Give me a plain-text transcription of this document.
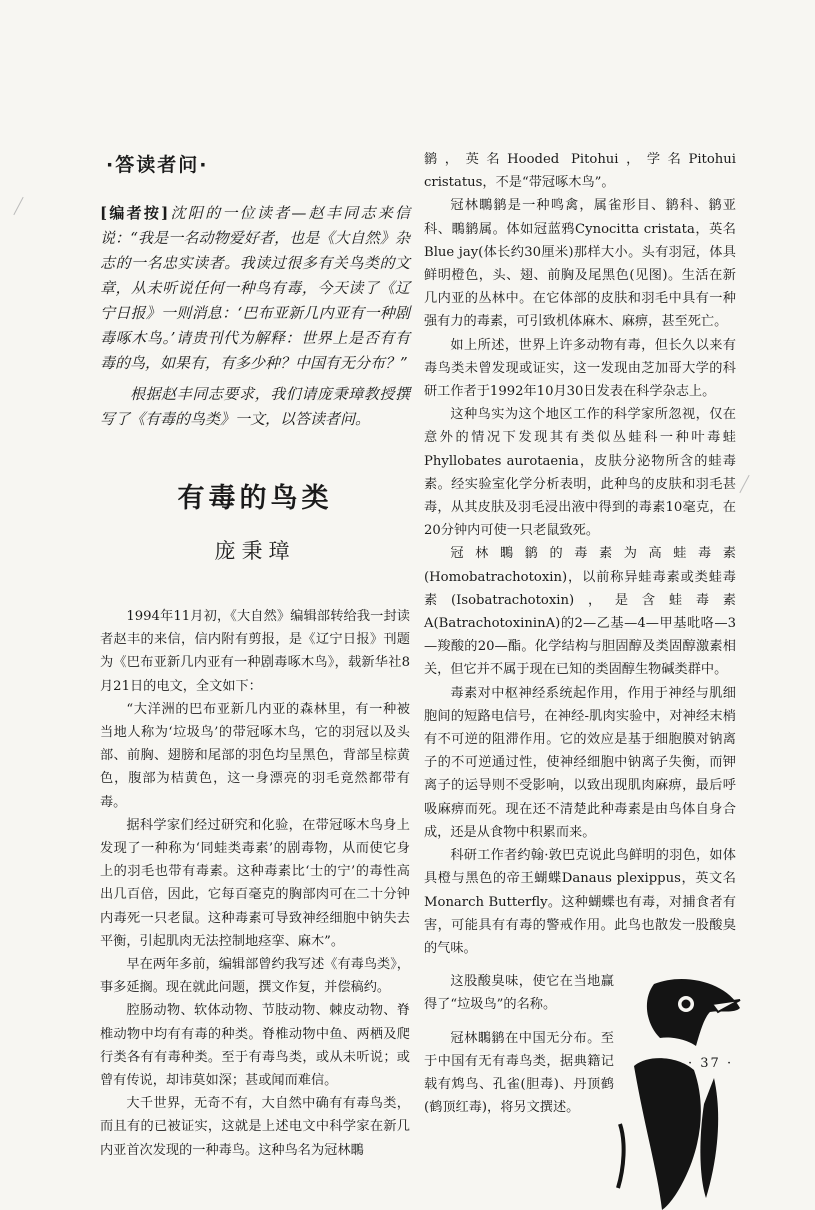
·答读者问·

[编者按]沈阳的一位读者—赵丰同志来信说：“我是一名动物爱好者，也是《大自然》杂志的一名忠实读者。我读过很多有关鸟类的文章，从未听说任何一种鸟有毒，今天读了《辽宁日报》一则消息：‘巴布亚新几内亚有一种剧毒啄木鸟。’请贵刊代为解释：世界上是否有有毒的鸟，如果有，有多少种？中国有无分布？”

根据赵丰同志要求，我们请庞秉璋教授撰写了《有毒的鸟类》一文，以答读者问。

有毒的鸟类
庞秉璋

1994年11月初，《大自然》编辑部转给我一封读者赵丰的来信，信内附有剪报，是《辽宁日报》刊题为《巴布亚新几内亚有一种剧毒啄木鸟》，载新华社8月21日的电文，全文如下：

“大洋洲的巴布亚新几内亚的森林里，有一种被当地人称为‘垃圾鸟’的带冠啄木鸟，它的羽冠以及头部、前胸、翅膀和尾部的羽色均呈黑色，背部呈棕黄色，腹部为桔黄色，这一身漂亮的羽毛竟然都带有毒。

据科学家们经过研究和化验，在带冠啄木鸟身上发现了一种称为‘同蛙类毒素’的剧毒物，从而使它身上的羽毛也带有毒素。这种毒素比‘士的宁’的毒性高出几百倍，因此，它每百毫克的胸部肉可在二十分钟内毒死一只老鼠。这种毒素可导致神经细胞中钠失去平衡，引起肌肉无法控制地痉挛、麻木”。

早在两年多前，编辑部曾约我写述《有毒鸟类》，事多延搁。现在就此问题，撰文作复，并偿稿约。

腔肠动物、软体动物、节肢动物、棘皮动物、脊椎动物中均有有毒的种类。脊椎动物中鱼、两栖及爬行类各有有毒种类。至于有毒鸟类，或从未听说；或曾有传说，却讳莫如深；甚或闻而难信。

大千世界，无奇不有，大自然中确有有毒鸟类，而且有的已被证实，这就是上述电文中科学家在新几内亚首次发现的一种毒鸟。这种鸟名为冠林䳭

鹟，英名Hooded Pitohui，学名Pitohui cristatus，不是“带冠啄木鸟”。

冠林䳭鹟是一种鸣禽，属雀形目、鹟科、鹟亚科、䳭鹟属。体如冠蓝鸦Cynocitta cristata，英名Blue jay(体长约30厘米)那样大小。头有羽冠，体具鲜明橙色，头、翅、前胸及尾黑色(见图)。生活在新几内亚的丛林中。在它体部的皮肤和羽毛中具有一种强有力的毒素，可引致机体麻木、麻痹，甚至死亡。

如上所述，世界上许多动物有毒，但长久以来有毒鸟类未曾发现或证实，这一发现由芝加哥大学的科研工作者于1992年10月30日发表在科学杂志上。

这种鸟实为这个地区工作的科学家所忽视，仅在意外的情况下发现其有类似丛蛙科一种叶毒蛙Phyllobates aurotaenia，皮肤分泌物所含的蛙毒素。经实验室化学分析表明，此种鸟的皮肤和羽毛甚毒，从其皮肤及羽毛浸出液中得到的毒素10毫克，在20分钟内可使一只老鼠致死。

冠林䳭鹟的毒素为高蛙毒素(Homobatrachotoxin)，以前称异蛙毒素或类蛙毒素(Isobatrachotoxin)，是含蛙毒素A(BatrachotoxininA)的2—乙基—4—甲基吡咯—3—羧酸的20—酯。化学结构与胆固醇及类固醇激素相关，但它并不属于现在已知的类固醇生物碱类群中。

毒素对中枢神经系统起作用，作用于神经与肌细胞间的短路电信号，在神经-肌肉实验中，对神经末梢有不可逆的阻滞作用。它的效应是基于细胞膜对钠离子的不可逆通过性，使神经细胞中钠离子失衡，而钾离子的运导则不受影响，以致出现肌肉麻痹，最后呼吸麻痹而死。现在还不清楚此种毒素是由鸟体自身合成，还是从食物中积累而来。

科研工作者约翰·敦巴克说此鸟鲜明的羽色，如体具橙与黑色的帝王蝴蝶Danaus plexippus，英文名Monarch Butterfly。这种蝴蝶也有毒，对捕食者有害，可能具有有毒的警戒作用。此鸟也散发一股酸臭的气味。

这股酸臭味，使它在当地赢得了“垃圾鸟”的名称。

冠林䳭鹟在中国无分布。至于中国有无有毒鸟类，据典籍记载有鸩鸟、孔雀(胆毒)、丹顶鹤(鹤顶红毒)，将另文撰述。

· 37 ·
